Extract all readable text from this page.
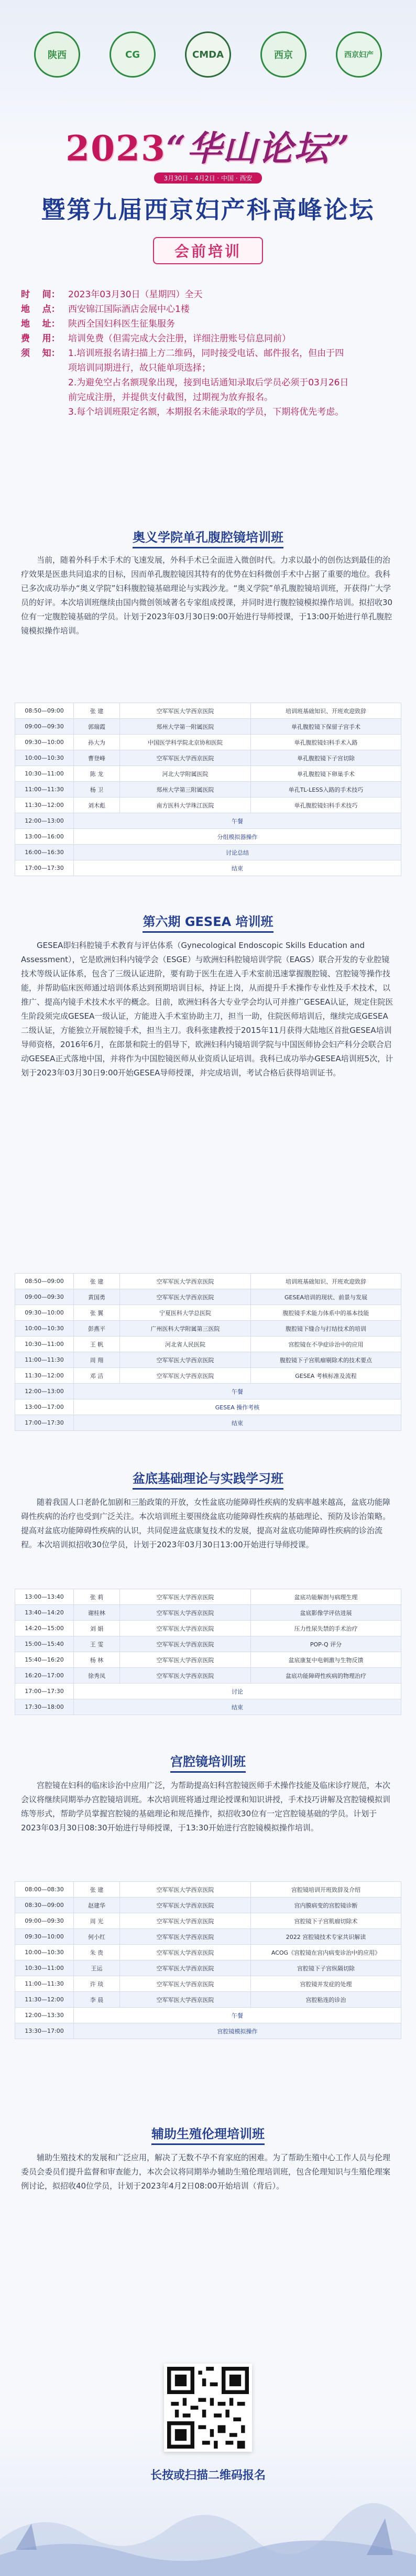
陕西	CG	CMDA	西京	西京妇产
2023“华山论坛”
3月30日 - 4月2日 · 中国 · 西安
暨第九届西京妇产科高峰论坛
会前培训
时    间： 2023年03月30日（星期四）全天
地    点： 西安锦江国际酒店会展中心1楼
地    址： 陕西全国妇科医生征集服务
费    用： 培训免费（但需完成大会注册，详细注册账号信息同前）
须    知： 1.培训班报名请扫描上方二维码，同时接受电话、邮件报名，但由于四
项培训同期进行，故只能单项选择；
2.为避免空占名额现象出现，接到电话通知录取后学员必须于03月26日
前完成注册，并提供支付截图，过期视为放弃报名。
3.每个培训班限定名额，本期报名未能录取的学员，下期将优先考虑。
奥义学院单孔腹腔镜培训班
当前，随着外科手术手术的飞速发展，外科手术已全面进入微创时代。力求以最小的创伤达到最佳的治疗效果是医患共同追求的目标，因而单孔腹腔镜因其特有的优势在妇科微创手术中占据了重要的地位。我科已多次成功举办“奥义学院”妇科腹腔镜基础理论与实践沙龙。“奥义学院”单孔腹腔镜培训班，开获得广大学员的好评。本次培训班继续由国内微创领域著名专家组成授课，并同时进行腹腔镜模拟操作培训。拟招收30位有一定腹腔镜基础的学员。计划于2023年03月30日9:00开始进行导师授课，于13:00开始进行单孔腹腔镜模拟操作培训。
08:50—09:00	张 建	空军军医大学西京医院	培训班基础知识、开班欢迎致辞
09:00—09:30	郭瑞霞	郑州大学第一附属医院	单孔腹腔镜下保留子宫手术
09:30—10:00	孙大为	中国医学科学院北京协和医院	单孔腹腔镜妇科手术入路
10:00—10:30	曹登峰	空军军医大学西京医院	单孔腹腔镜下子宫切除
10:30—11:00	陈 龙	河北大学附属医院	单孔腹腔镜下卵巢手术
11:00—11:30	杨 卫	郑州大学第三附属医院	单孔TL-LESS入路的手术技巧
11:30—12:00	刘木彪	南方医科大学珠江医院	单孔腹腔镜妇科手术技巧
12:00—13:00	午餐		
13:00—16:00	分组模拟器操作		
16:00—16:30	讨论总结		
17:00—17:30	结束		
第六期 GESEA 培训班
GESEA即妇科腔镜手术教育与评估体系（Gynecological Endoscopic Skills Education and Assessment），它是欧洲妇科内镜学会（ESGE）与欧洲妇科腔镜培训学院（EAGS）联合开发的专业腔镜技术等级认证体系，包含了三级认证进阶，要有助于医生在进入手术室前迅速掌握腹腔镜、宫腔镜等操作技能，并帮助临床医师通过培训体系达到预期培训目标，持证上岗，从而提升手术操作专业性及手术技术，以推广、提高内镜手术技术水平的概念。目前，欧洲妇科各大专业学会均认可并推广GESEA认证，规定住院医生阶段须完成GESEA一级认证，方能进入手术室协助主刀，担当一助，住院医师培训后，继续完成GESEA二级认证，方能独立开展腔镜手术，担当主刀。我科张建教授于2015年11月获得大陆地区首批GESEA培训导师资格，2016年6月，在郎景和院士的倡导下，欧洲妇科内镜培训学院与中国医师协会妇产科分会联合启动GESEA正式落地中国，并将作为中国腔镜医师从业资质认证培训。我科已成功举办GESEA培训班5次，计划于2023年03月30日9:00开始GESEA导师授课，并完成培训，考试合格后获得培训证书。
08:50—09:00	张 建	空军军医大学西京医院	培训班基础知识、开班欢迎致辞
09:00—09:30	黄国勇	空军军医大学西京医院	GESEA培训的现状、前景与发展
09:30—10:00	张 翼	宁夏医科大学总医院	腹腔镜手术能力体系中的基本技能
10:00—10:30	彭燕平	广州医科大学附属第三医院	腹腔镜下缝合与打结技术的培训
10:30—11:00	王 帆	河北省人民医院	宫腔镜在不孕症诊治中的应用
11:00—11:30	周 翔	空军军医大学西京医院	腹腔镜下子宫肌瘤剔除术的技术要点
11:30—12:00	邓 洁	空军军医大学西京医院	GESEA 考核标准及流程
12:00—13:00	午餐		
13:00—17:00	GESEA 操作考核		
17:00—17:30	结束		
盆底基础理论与实践学习班
随着我国人口老龄化加剧和三胎政策的开放，女性盆底功能障碍性疾病的发病率越来越高，盆底功能障碍性疾病的治疗也受到广泛关注。本次培训班主要围绕盆底功能障碍性疾病的基础理论、预防及诊治策略。提高对盆底功能障碍性疾病的认识，共同促进盆底康复技术的发展，提高对盆底功能障碍性疾病的诊治流程。本次培训拟招收30位学员，计划于2023年03月30日13:00开始进行导师授课。
13:00—13:40	张 莉	空军军医大学西京医院	盆底功能解剖与病理生理
13:40—14:20	谢桂林	空军军医大学西京医院	盆底影像学评估进展
14:20—15:00	刘 娟	空军军医大学西京医院	压力性尿失禁的手术治疗
15:00—15:40	王 雯	空军军医大学西京医院	POP-Q 评分
15:40—16:20	杨 林	空军军医大学西京医院	盆底康复中电刺激与生物反馈
16:20—17:00	徐秀凤	空军军医大学西京医院	盆底功能障碍性疾病的物理治疗
17:00—17:30	讨论		
17:30—18:00	结束		
宫腔镜培训班
宫腔镜在妇科的临床诊治中应用广泛，为帮助提高妇科宫腔镜医师手术操作技能及临床诊疗规范，本次会议将继续同期举办宫腔镜培训班。本次培训班将通过理论授课和知识讲授，手术技巧讲解及宫腔镜模拟训练等形式，帮助学员掌握宫腔镜的基础理论和规范操作，拟招收30位有一定宫腔镜基础的学员。计划于2023年03月30日08:30开始进行导师授课，于13:30开始进行宫腔镜模拟操作培训。
08:00—08:30	张 建	空军军医大学西京医院	宫腔镜培训开班致辞及介绍
08:30—09:00	赵建华	空军军医大学西京医院	宫内膜病变的宫腔镜诊断
09:00—09:30	周 光	空军军医大学西京医院	宫腔镜下子宫肌瘤切除术
09:30—10:00	何小红	空军军医大学西京医院	2022 宫腔镜技术专家共识解读
10:00—10:30	朱 贵	空军军医大学西京医院	ACOG《宫腔镜在宫内病变诊治中的应用》
10:30—11:00	王运	空军军医大学西京医院	宫腔镜下子宫纵隔切除
11:00—11:30	许 琰	空军军医大学西京医院	宫腔镜并发症的处理
11:30—12:00	李 晨	空军军医大学西京医院	宫腔粘连的诊治
12:00—13:30	午餐		
13:30—17:00	宫腔镜模拟操作		
辅助生殖伦理培训班
辅助生殖技术的发展和广泛应用，解决了无数不孕不育家庭的困难。为了帮助生殖中心工作人员与伦理委员会委员们提升监督和审查能力，本次会议将同期举办辅助生殖伦理培训班，包含伦理知识与生殖伦理案例讨论，拟招收40位学员，计划于2023年4月2日08:00开始培训（背后）。
长按或扫描二维码报名
